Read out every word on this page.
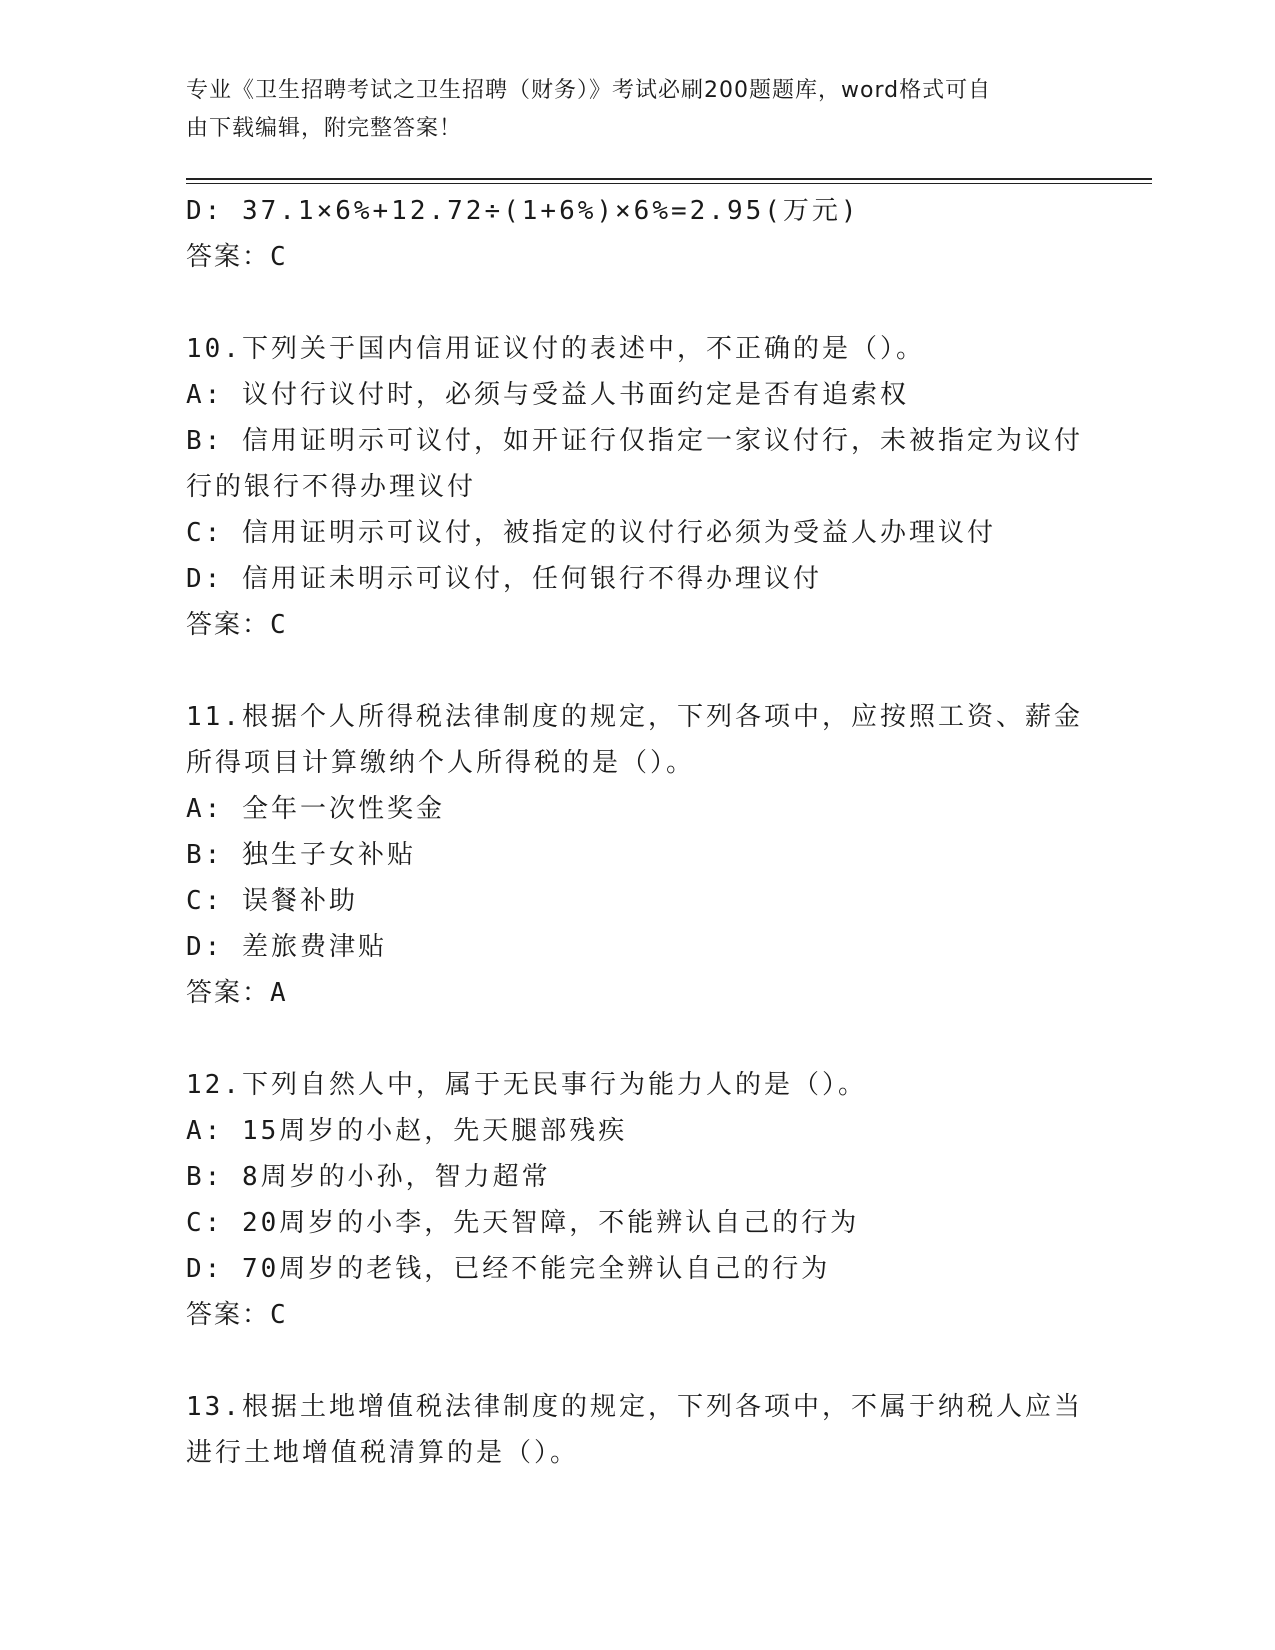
专业《卫生招聘考试之卫生招聘（财务）》考试必刷200题题库，word格式可自
由下载编辑，附完整答案！
D: 37.1×6%+12.72÷(1+6%)×6%=2.95(万元)
答案：C
10.下列关于国内信用证议付的表述中，不正确的是（）。
A: 议付行议付时，必须与受益人书面约定是否有追索权
B: 信用证明示可议付，如开证行仅指定一家议付行，未被指定为议付
行的银行不得办理议付
C: 信用证明示可议付，被指定的议付行必须为受益人办理议付
D: 信用证未明示可议付，任何银行不得办理议付
答案：C
11.根据个人所得税法律制度的规定，下列各项中，应按照工资、薪金
所得项目计算缴纳个人所得税的是（）。
A: 全年一次性奖金
B: 独生子女补贴
C: 误餐补助
D: 差旅费津贴
答案：A
12.下列自然人中，属于无民事行为能力人的是（）。
A: 15周岁的小赵，先天腿部残疾
B: 8周岁的小孙，智力超常
C: 20周岁的小李，先天智障，不能辨认自己的行为
D: 70周岁的老钱，已经不能完全辨认自己的行为
答案：C
13.根据土地增值税法律制度的规定，下列各项中，不属于纳税人应当
进行土地增值税清算的是（）。
